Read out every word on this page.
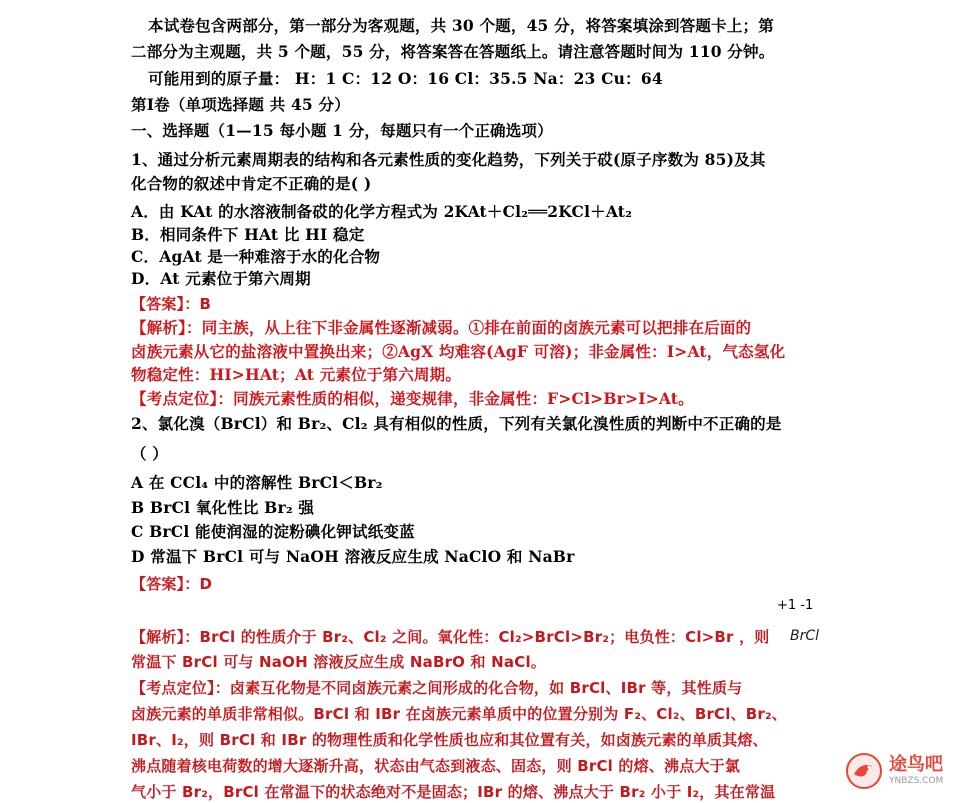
本试卷包含两部分，第一部分为客观题，共 30 个题，45 分，将答案填涂到答题卡上；第
二部分为主观题，共 5 个题，55 分，将答案答在答题纸上。请注意答题时间为 110 分钟。
可能用到的原子量： H：1 C：12 O：16 Cl：35.5 Na：23 Cu：64
第Ⅰ卷（单项选择题 共 45 分）
一、选择题（1—15 每小题 1 分，每题只有一个正确选项）
1、通过分析元素周期表的结构和各元素性质的变化趋势，下列关于砹(原子序数为 85)及其
化合物的叙述中肯定不正确的是( )
A．由 KAt 的水溶液制备砹的化学方程式为 2KAt＋Cl₂══2KCl＋At₂
B．相同条件下 HAt 比 HI 稳定
C．AgAt 是一种难溶于水的化合物
D．At 元素位于第六周期
【答案】：B
【解析】：同主族，从上往下非金属性逐渐减弱。①排在前面的卤族元素可以把排在后面的
卤族元素从它的盐溶液中置换出来；②AgX 均难容(AgF 可溶)；非金属性：I>At，气态氢化
物稳定性：HI>HAt；At 元素位于第六周期。
【考点定位】：同族元素性质的相似，递变规律，非金属性：F>Cl>Br>I>At。
2、氯化溴（BrCl）和 Br₂、Cl₂ 具有相似的性质，下列有关氯化溴性质的判断中不正确的是
（ ）
A 在 CCl₄ 中的溶解性 BrCl＜Br₂
B BrCl 氧化性比 Br₂ 强
C BrCl 能使润湿的淀粉碘化钾试纸变蓝
D 常温下 BrCl 可与 NaOH 溶液反应生成 NaClO 和 NaBr
【答案】：D
+1 -1
BrCl
【解析】：BrCl 的性质介于 Br₂、Cl₂ 之间。氧化性：Cl₂>BrCl>Br₂；电负性：Cl>Br ，则
常温下 BrCl 可与 NaOH 溶液反应生成 NaBrO 和 NaCl。
【考点定位】：卤素互化物是不同卤族元素之间形成的化合物，如 BrCl、IBr 等，其性质与
卤族元素的单质非常相似。BrCl 和 IBr 在卤族元素单质中的位置分别为 F₂、Cl₂、BrCl、Br₂、
IBr、I₂，则 BrCl 和 IBr 的物理性质和化学性质也应和其位置有关，如卤族元素的单质其熔、
沸点随着核电荷数的增大逐渐升高，状态由气态到液态、固态，则 BrCl 的熔、沸点大于氯
气小于 Br₂，BrCl 在常温下的状态绝对不是固态；IBr 的熔、沸点大于 Br₂ 小于 I₂，其在常温
途鸟吧
YNBZS.COM
